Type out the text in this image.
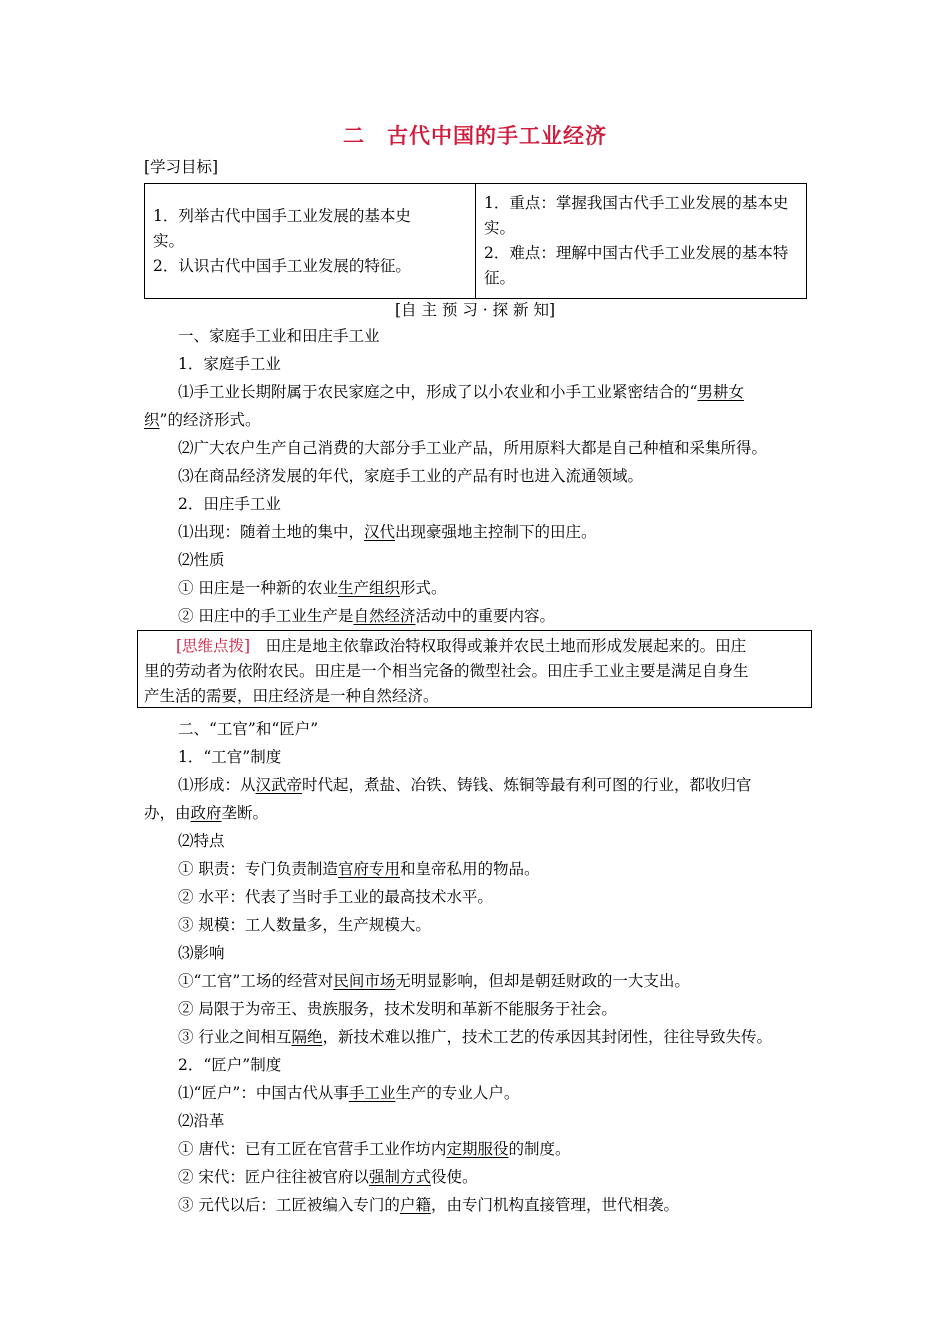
二　古代中国的手工业经济
[学习目标]
1．列举古代中国手工业发展的基本史
实。
2．认识古代中国手工业发展的特征。

1．重点：掌握我国古代手工业发展的基本史
实。
2．难点：理解中国古代手工业发展的基本特
征。
[自 主 预 习 · 探 新 知]
一、家庭手工业和田庄手工业
1．家庭手工业
⑴手工业长期附属于农民家庭之中，形成了以小农业和小手工业紧密结合的“男耕女
织”的经济形式。
⑵广大农户生产自己消费的大部分手工业产品，所用原料大都是自己种植和采集所得。
⑶在商品经济发展的年代，家庭手工业的产品有时也进入流通领域。
2．田庄手工业
⑴出现：随着土地的集中，汉代出现豪强地主控制下的田庄。
⑵性质
① 田庄是一种新的农业生产组织形式。
② 田庄中的手工业生产是自然经济活动中的重要内容。
[思维点拨]　 田庄是地主依靠政治特权取得或兼并农民土地而形成发展起来的。田庄
里的劳动者为依附农民。田庄是一个相当完备的微型社会。田庄手工业主要是满足自身生
产生活的需要，田庄经济是一种自然经济。
二、“工官”和“匠户”
1．“工官”制度
⑴形成：从汉武帝时代起，煮盐、冶铁、铸钱、炼铜等最有利可图的行业，都收归官
办，由政府垄断。
⑵特点
① 职责：专门负责制造官府专用和皇帝私用的物品。
② 水平：代表了当时手工业的最高技术水平。
③ 规模：工人数量多，生产规模大。
⑶影响
①“工官”工场的经营对民间市场无明显影响，但却是朝廷财政的一大支出。
② 局限于为帝王、贵族服务，技术发明和革新不能服务于社会。
③ 行业之间相互隔绝，新技术难以推广，技术工艺的传承因其封闭性，往往导致失传。
2．“匠户”制度
⑴“匠户”：中国古代从事手工业生产的专业人户。
⑵沿革
① 唐代：已有工匠在官营手工业作坊内定期服役的制度。
② 宋代：匠户往往被官府以强制方式役使。
③ 元代以后：工匠被编入专门的户籍，由专门机构直接管理，世代相袭。
